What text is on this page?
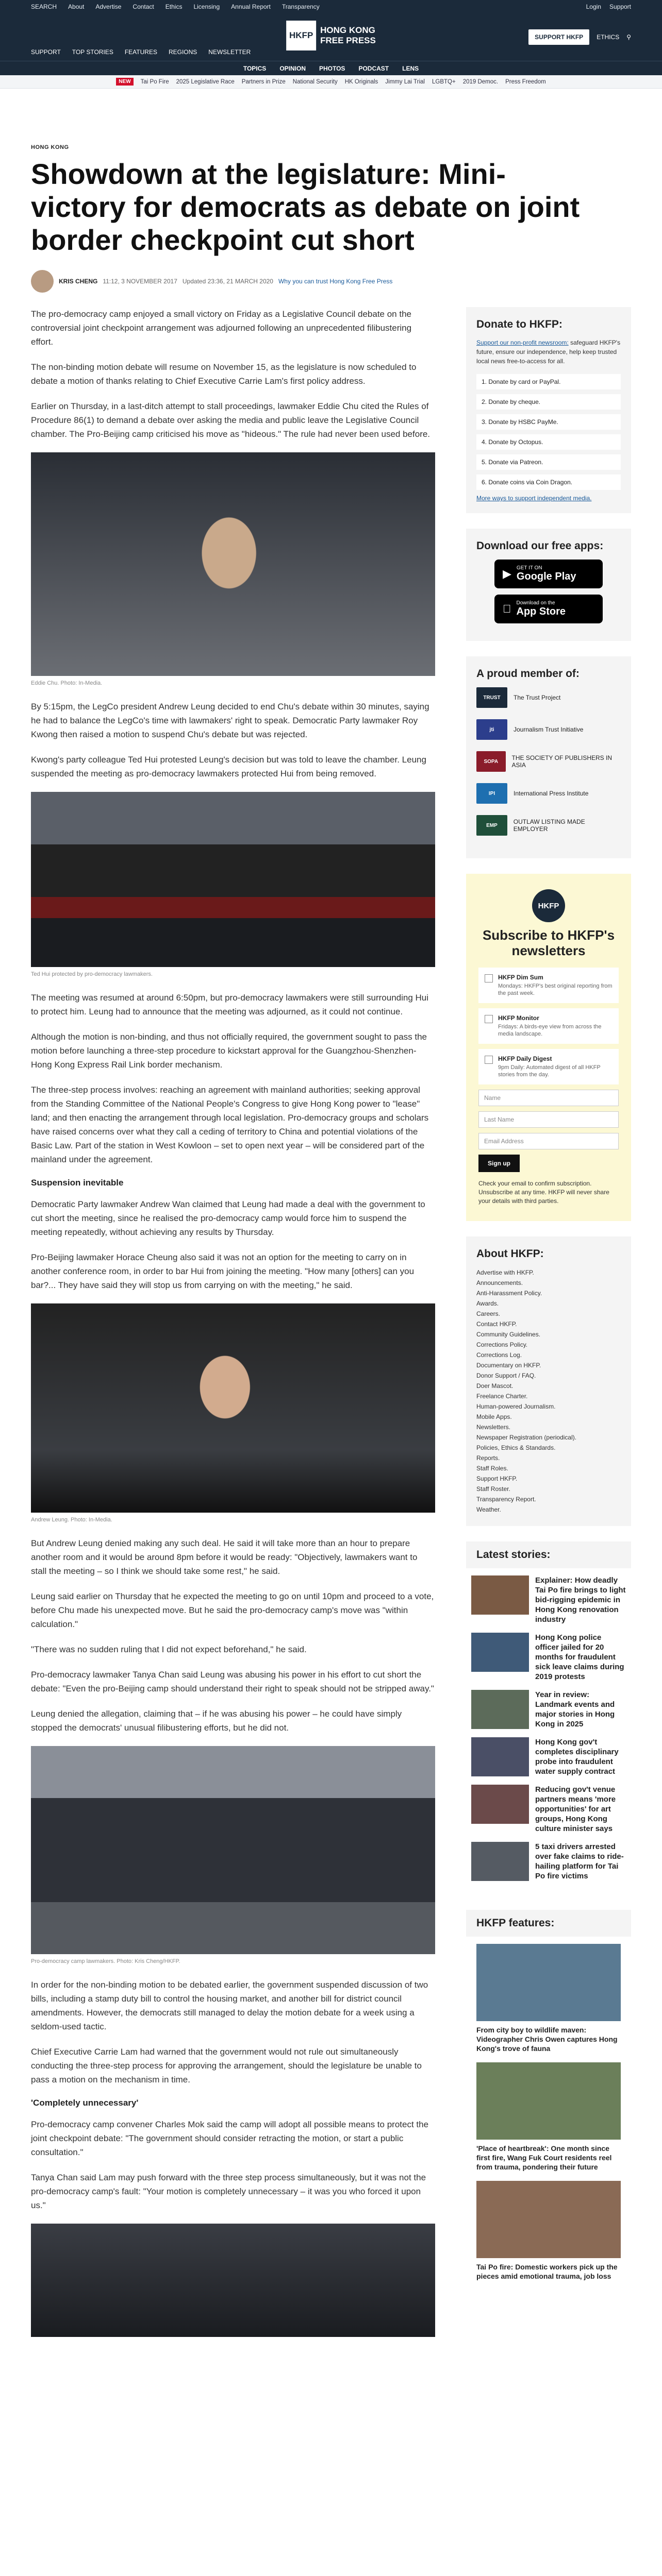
SEARCH About Advertise Contact Ethics Licensing Annual Report Transparency	Login Support
SUPPORT TOP STORIES FEATURES REGIONS NEWSLETTER
HKFP
HONG KONG
FREE PRESS	SUPPORT HKFP	ETHICS ⚲
TOPICS OPINION PHOTOS PODCAST LENS
NEW	Tai Po Fire 2025 Legislative Race Partners in Prize National Security HK Originals Jimmy Lai Trial LGBTQ+ 2019 Democ. Press Freedom
HONG KONG
Showdown at the legislature: Mini-victory for democrats as debate on joint border checkpoint cut short
KRIS CHENG 11:12, 3 NOVEMBER 2017 Updated 23:36, 21 MARCH 2020 Why you can trust Hong Kong Free Press

The pro-democracy camp enjoyed a small victory on Friday as a Legislative Council debate on the controversial joint checkpoint arrangement was adjourned following an unprecedented filibustering effort.

The non-binding motion debate will resume on November 15, as the legislature is now scheduled to debate a motion of thanks relating to Chief Executive Carrie Lam's first policy address.

Earlier on Thursday, in a last-ditch attempt to stall proceedings, lawmaker Eddie Chu cited the Rules of Procedure 86(1) to demand a debate over asking the media and public leave the Legislative Council chamber. The Pro-Beijing camp criticised his move as "hideous." The rule had never been used before.

Eddie Chu. Photo: In-Media.

By 5:15pm, the LegCo president Andrew Leung decided to end Chu's debate within 30 minutes, saying he had to balance the LegCo's time with lawmakers' right to speak. Democratic Party lawmaker Roy Kwong then raised a motion to suspend Chu's debate but was rejected.

Kwong's party colleague Ted Hui protested Leung's decision but was told to leave the chamber. Leung suspended the meeting as pro-democracy lawmakers protected Hui from being removed.

Ted Hui protected by pro-democracy lawmakers.

The meeting was resumed at around 6:50pm, but pro-democracy lawmakers were still surrounding Hui to protect him. Leung had to announce that the meeting was adjourned, as it could not continue.

Although the motion is non-binding, and thus not officially required, the government sought to pass the motion before launching a three-step procedure to kickstart approval for the Guangzhou-Shenzhen-Hong Kong Express Rail Link border mechanism.

The three-step process involves: reaching an agreement with mainland authorities; seeking approval from the Standing Committee of the National People's Congress to give Hong Kong power to "lease" land; and then enacting the arrangement through local legislation. Pro-democracy groups and scholars have raised concerns over what they call a ceding of territory to China and potential violations of the Basic Law. Part of the station in West Kowloon – set to open next year – will be considered part of the mainland under the agreement.

Suspension inevitable

Democratic Party lawmaker Andrew Wan claimed that Leung had made a deal with the government to cut short the meeting, since he realised the pro-democracy camp would force him to suspend the meeting repeatedly, without achieving any results by Thursday.

Pro-Beijing lawmaker Horace Cheung also said it was not an option for the meeting to carry on in another conference room, in order to bar Hui from joining the meeting. "How many [others] can you bar?... They have said they will stop us from carrying on with the meeting," he said.

Andrew Leung. Photo: In-Media.

But Andrew Leung denied making any such deal. He said it will take more than an hour to prepare another room and it would be around 8pm before it would be ready: "Objectively, lawmakers want to stall the meeting – so I think we should take some rest," he said.

Leung said earlier on Thursday that he expected the meeting to go on until 10pm and proceed to a vote, before Chu made his unexpected move. But he said the pro-democracy camp's move was "within calculation."

"There was no sudden ruling that I did not expect beforehand," he said.

Pro-democracy lawmaker Tanya Chan said Leung was abusing his power in his effort to cut short the debate: "Even the pro-Beijing camp should understand their right to speak should not be stripped away."

Leung denied the allegation, claiming that – if he was abusing his power – he could have simply stopped the democrats' unusual filibustering efforts, but he did not.

Pro-democracy camp lawmakers. Photo: Kris Cheng/HKFP.

In order for the non-binding motion to be debated earlier, the government suspended discussion of two bills, including a stamp duty bill to control the housing market, and another bill for district council amendments. However, the democrats still managed to delay the motion debate for a week using a seldom-used tactic.

Chief Executive Carrie Lam had warned that the government would not rule out simultaneously conducting the three-step process for approving the arrangement, should the legislature be unable to pass a motion on the mechanism in time.

'Completely unnecessary'

Pro-democracy camp convener Charles Mok said the camp will adopt all possible means to protect the joint checkpoint debate: "The government should consider retracting the motion, or start a public consultation."

Tanya Chan said Lam may push forward with the three step process simultaneously, but it was not the pro-democracy camp's fault: "Your motion is completely unnecessary – it was you who forced it upon us."

Donate to HKFP:
Support our non-profit newsroom: safeguard HKFP's future, ensure our independence, help keep trusted local news free-to-access for all.
1. Donate by card or PayPal.
2. Donate by cheque.
3. Donate by HSBC PayMe.
4. Donate by Octopus.
5. Donate via Patreon.
6. Donate coins via Coin Dragon.
More ways to support independent media.
Download our free apps:
▶ GET IT ON
Google Play
Download on the
App Store
A proud member of:
TRUST	The Trust Project
jti	Journalism Trust Initiative
SOPA	THE SOCIETY OF PUBLISHERS IN ASIA
IPI	International Press Institute
EMP	OUTLAW LISTING MADE EMPLOYER
HKFP
Subscribe to HKFP's newsletters
HKFP Dim Sum
Mondays: HKFP's best original reporting from the past week.
HKFP Monitor
Fridays: A birds-eye view from across the media landscape.
HKFP Daily Digest
9pm Daily: Automated digest of all HKFP stories from the day.
Name
Last Name
Email Address
Sign up
Check your email to confirm subscription. Unsubscribe at any time. HKFP will never share your details with third parties.
About HKFP:
Advertise with HKFP.
Announcements.
Anti-Harassment Policy.
Awards.
Careers.
Contact HKFP.
Community Guidelines.
Corrections Policy.
Corrections Log.
Documentary on HKFP.
Donor Support / FAQ.
Doer Mascot.
Freelance Charter.
Human-powered Journalism.
Mobile Apps.
Newsletters.
Newspaper Registration (periodical).
Policies, Ethics & Standards.
Reports.
Staff Roles.
Support HKFP.
Staff Roster.
Transparency Report.
Weather.
Latest stories:
Explainer: How deadly Tai Po fire brings to light bid-rigging epidemic in Hong Kong renovation industry
Hong Kong police officer jailed for 20 months for fraudulent sick leave claims during 2019 protests
Year in review: Landmark events and major stories in Hong Kong in 2025
Hong Kong gov't completes disciplinary probe into fraudulent water supply contract
Reducing gov't venue partners means 'more opportunities' for art groups, Hong Kong culture minister says
5 taxi drivers arrested over fake claims to ride-hailing platform for Tai Po fire victims
HKFP features:
From city boy to wildlife maven: Videographer Chris Owen captures Hong Kong's trove of fauna
'Place of heartbreak': One month since first fire, Wang Fuk Court residents reel from trauma, pondering their future
Tai Po fire: Domestic workers pick up the pieces amid emotional trauma, job loss
